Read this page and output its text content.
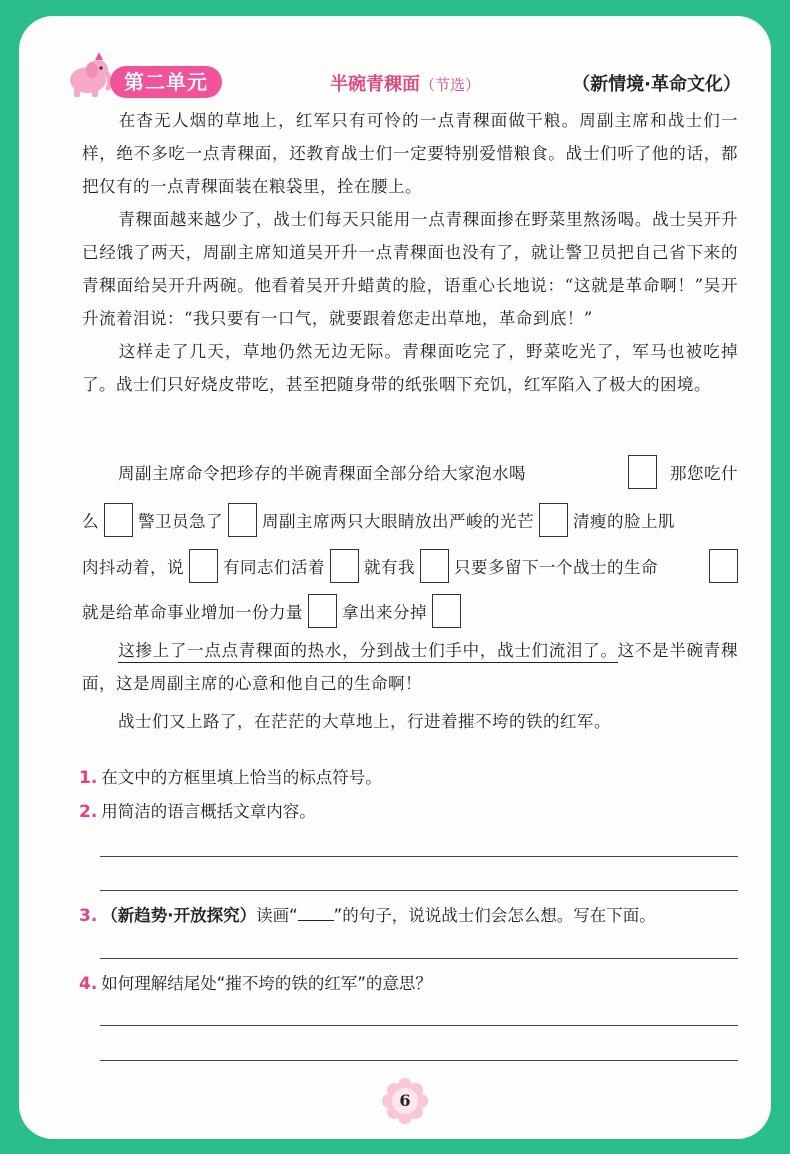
第二单元	半碗青稞面（节选）	（新情境·革命文化）
在杳无人烟的草地上，红军只有可怜的一点青稞面做干粮。周副主席和战士们一样，绝不多吃一点青稞面，还教育战士们一定要特别爱惜粮食。战士们听了他的话，都把仅有的一点青稞面装在粮袋里，拴在腰上。
青稞面越来越少了，战士们每天只能用一点青稞面掺在野菜里熬汤喝。战士吴开升已经饿了两天，周副主席知道吴开升一点青稞面也没有了，就让警卫员把自己省下来的青稞面给吴开升两碗。他看着吴开升蜡黄的脸，语重心长地说：“这就是革命啊！”吴开升流着泪说：“我只要有一口气，就要跟着您走出草地，革命到底！”
这样走了几天，草地仍然无边无际。青稞面吃完了，野菜吃光了，军马也被吃掉了。战士们只好烧皮带吃，甚至把随身带的纸张咽下充饥，红军陷入了极大的困境。
周副主席命令把珍存的半碗青稞面全部分给大家泡水喝	那您吃什
么 警卫员急了 周副主席两只大眼睛放出严峻的光芒 清瘦的脸上肌
肉抖动着，说 有同志们活着 就有我 只要多留下一个战士的生命
就是给革命事业增加一份力量 拿出来分掉
这掺上了一点点青稞面的热水，分到战士们手中，战士们流泪了。这不是半碗青稞面，这是周副主席的心意和他自己的生命啊！
战士们又上路了，在茫茫的大草地上，行进着摧不垮的铁的红军。
1. 在文中的方框里填上恰当的标点符号。
2. 用简洁的语言概括文章内容。
3. （新趋势·开放探究）读画“ ”的句子，说说战士们会怎么想。写在下面。
4. 如何理解结尾处“摧不垮的铁的红军”的意思？
6
